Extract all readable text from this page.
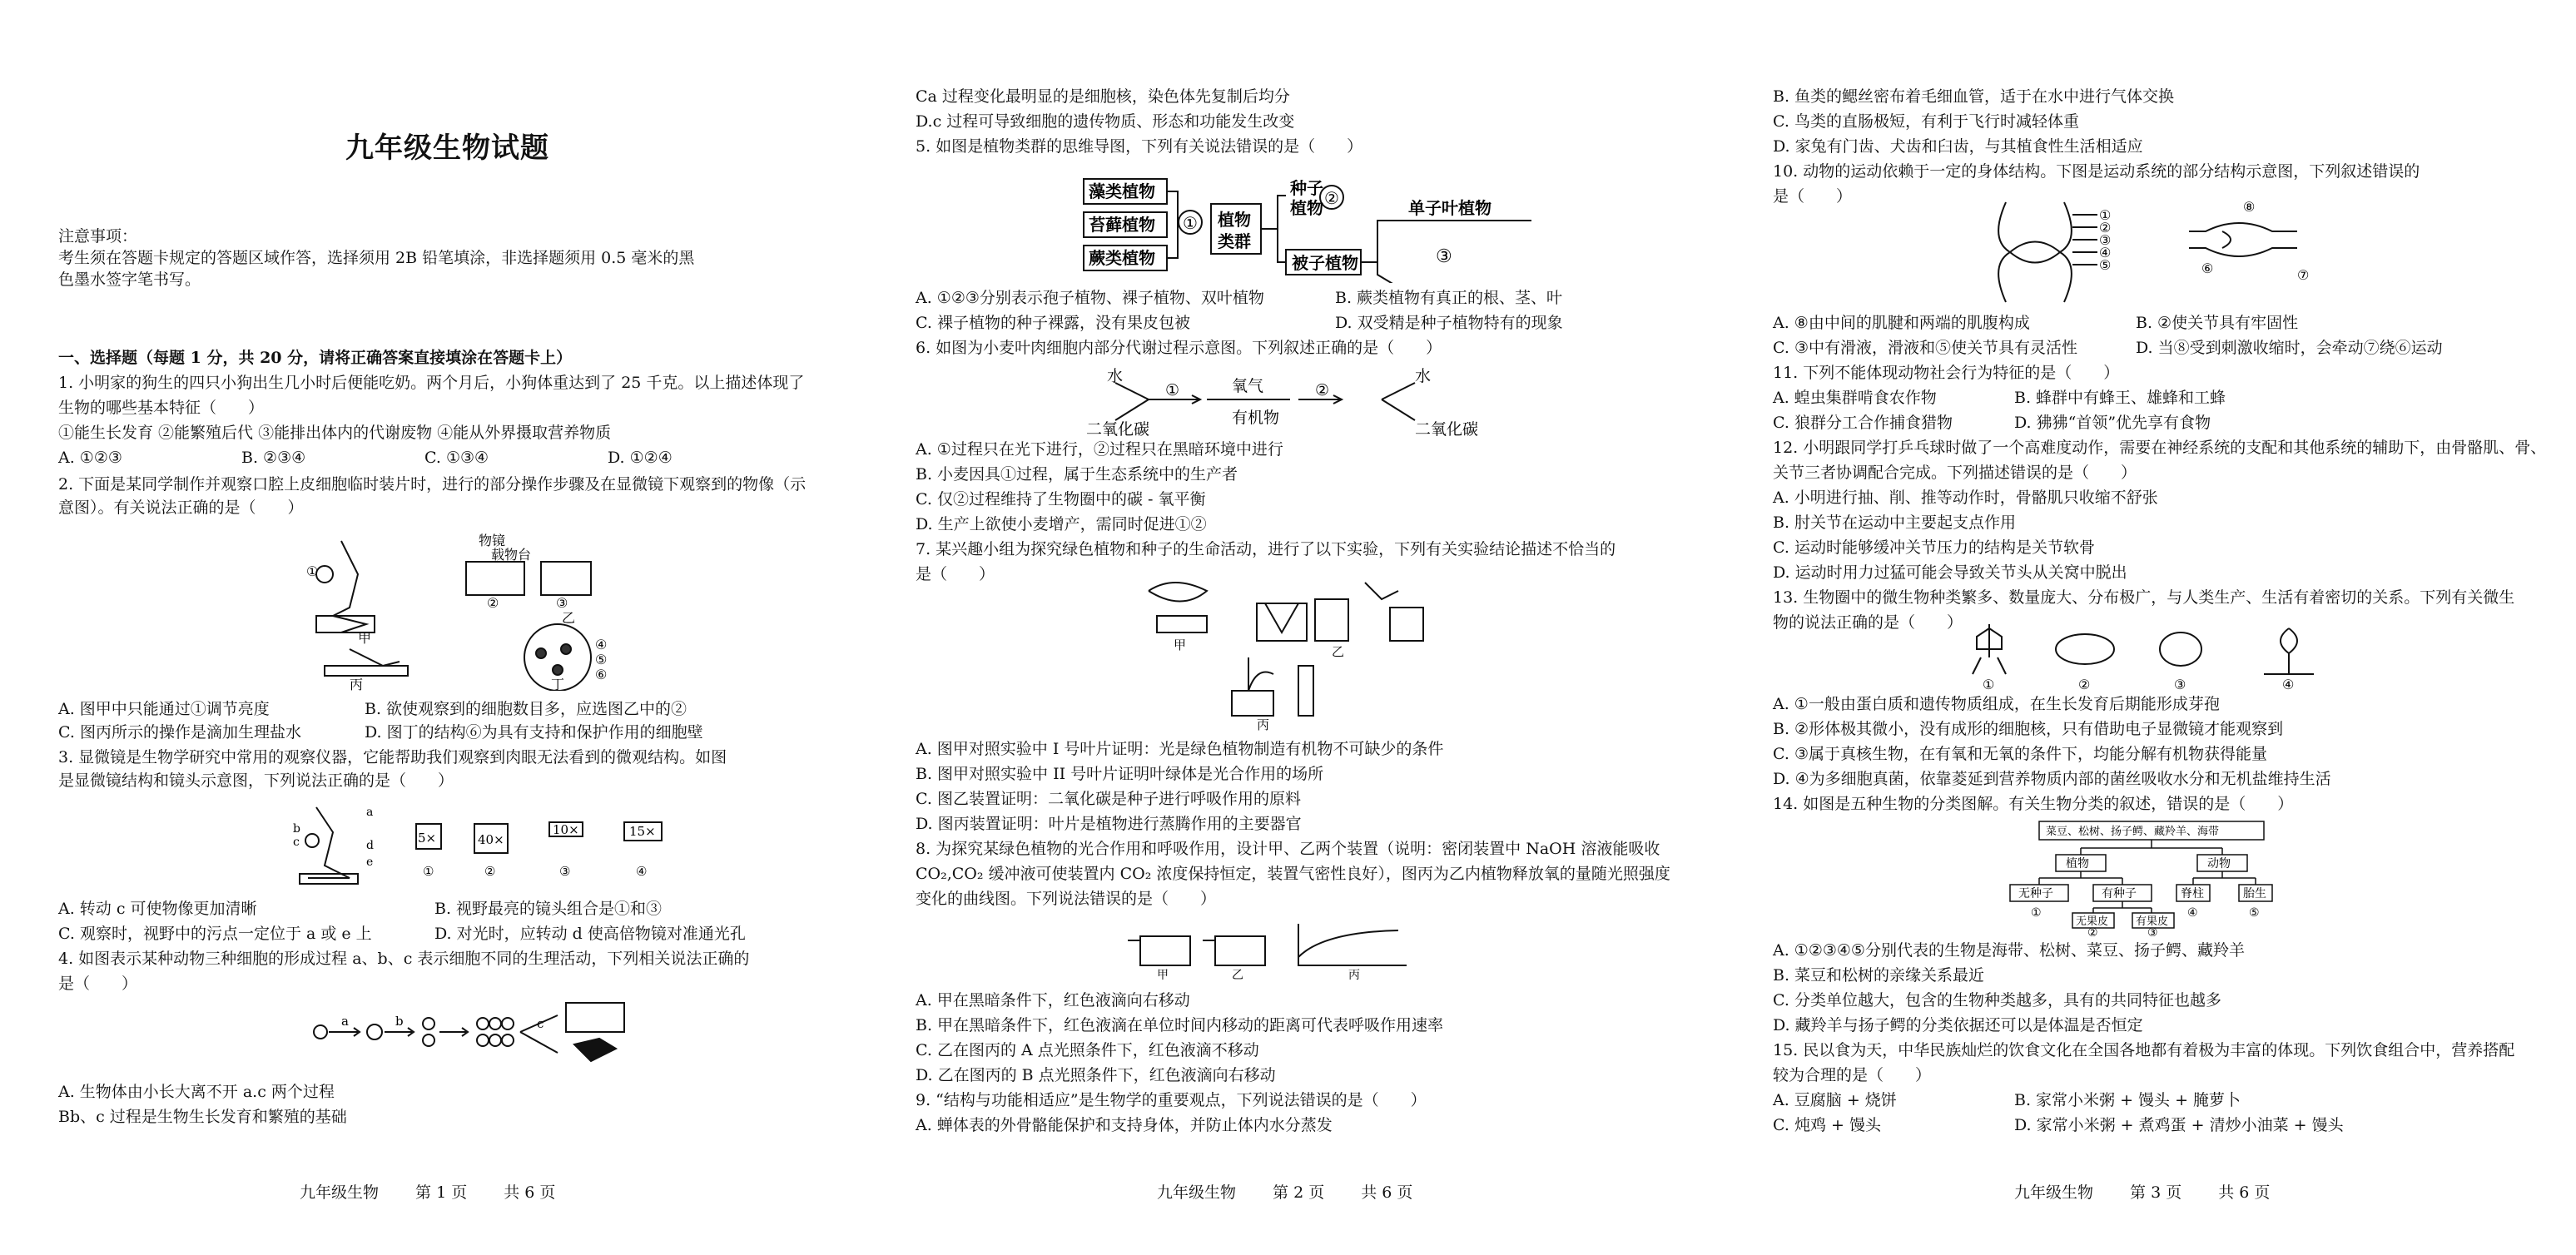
九年级生物试题
注意事项：
考生须在答题卡规定的答题区域作答，选择须用 2B 铅笔填涂，非选择题须用 0.5 毫米的黑
色墨水签字笔书写。
一、选择题（每题 1 分，共 20 分，请将正确答案直接填涂在答题卡上）
1. 小明家的狗生的四只小狗出生几小时后便能吃奶。两个月后，小狗体重达到了 25 千克。以上描述体现了
生物的哪些基本特征（　　）
①能生长发育 ②能繁殖后代 ③能排出体内的代谢废物 ④能从外界摄取营养物质
A. ①②③	B. ②③④	C. ①③④	D. ①②④
2. 下面是某同学制作并观察口腔上皮细胞临时装片时，进行的部分操作步骤及在显微镜下观察到的物像（示
意图）。有关说法正确的是（　　）
①
物镜
载物台
②	③
甲
乙
④
⑤
⑥
丙	丁
A. 图甲中只能通过①调节亮度	B. 欲使观察到的细胞数目多，应选图乙中的②
C. 图丙所示的操作是滴加生理盐水	D. 图丁的结构⑥为具有支持和保护作用的细胞壁
3. 显微镜是生物学研究中常用的观察仪器，它能帮助我们观察到肉眼无法看到的微观结构。如图
是显微镜结构和镜头示意图，下列说法正确的是（　　）
a
b
c	d
e
5×	40×
10×	15×
①	②	③	④
A. 转动 c 可使物像更加清晰	B. 视野最亮的镜头组合是①和③
C. 观察时，视野中的污点一定位于 a 或 e 上	D. 对光时，应转动 d 使高倍物镜对准通光孔
4. 如图表示某种动物三种细胞的形成过程 a、b、c 表示细胞不同的生理活动，下列相关说法正确的
是（　　）
a	b	c
A. 生物体由小长大离不开 a.c 两个过程
Bb、c 过程是生物生长发育和繁殖的基础
九年级生物　　 第 1 页　　 共 6 页
Ca 过程变化最明显的是细胞核，染色体先复制后均分
D.c 过程可导致细胞的遗传物质、形态和功能发生改变
5. 如图是植物类群的思维导图，下列有关说法错误的是（　　）
藻类植物
苔藓植物
蕨类植物
① 植物
类群
种子
植物 ②
被子植物
单子叶植物
③
A. ①②③分别表示孢子植物、裸子植物、双叶植物	B. 蕨类植物有真正的根、茎、叶
C. 裸子植物的种子裸露，没有果皮包被	D. 双受精是种子植物特有的现象
6. 如图为小麦叶肉细胞内部分代谢过程示意图。下列叙述正确的是（　　）
水
二氧化碳
①	氧气
有机物
②
水
二氧化碳
A. ①过程只在光下进行，②过程只在黑暗环境中进行
B. 小麦因具①过程，属于生态系统中的生产者
C. 仅②过程维持了生物圈中的碳 - 氧平衡
D. 生产上欲使小麦增产，需同时促进①②
7. 某兴趣小组为探究绿色植物和种子的生命活动，进行了以下实验，下列有关实验结论描述不恰当的
是（　　）
甲	乙
丙
A. 图甲对照实验中 I 号叶片证明：光是绿色植物制造有机物不可缺少的条件
B. 图甲对照实验中 II 号叶片证明叶绿体是光合作用的场所
C. 图乙装置证明：二氧化碳是种子进行呼吸作用的原料
D. 图丙装置证明：叶片是植物进行蒸腾作用的主要器官
8. 为探究某绿色植物的光合作用和呼吸作用，设计甲、乙两个装置（说明：密闭装置中 NaOH 溶液能吸收
CO₂,CO₂ 缓冲液可使装置内 CO₂ 浓度保持恒定，装置气密性良好），图丙为乙内植物释放氧的量随光照强度
变化的曲线图。下列说法错误的是（　　）
甲	乙	丙
A. 甲在黑暗条件下，红色液滴向右移动
B. 甲在黑暗条件下，红色液滴在单位时间内移动的距离可代表呼吸作用速率
C. 乙在图丙的 A 点光照条件下，红色液滴不移动
D. 乙在图丙的 B 点光照条件下，红色液滴向右移动
9. “结构与功能相适应”是生物学的重要观点，下列说法错误的是（　　）
A. 蝉体表的外骨骼能保护和支持身体，并防止体内水分蒸发
九年级生物　　 第 2 页　　 共 6 页
B. 鱼类的鳃丝密布着毛细血管，适于在水中进行气体交换
C. 鸟类的直肠极短，有利于飞行时减轻体重
D. 家兔有门齿、犬齿和臼齿，与其植食性生活相适应
10. 动物的运动依赖于一定的身体结构。下图是运动系统的部分结构示意图，下列叙述错误的
是（　　）
①
②
③
④
⑤	⑥	⑦
⑧
A. ⑧由中间的肌腱和两端的肌腹构成	B. ②使关节具有牢固性
C. ③中有滑液，滑液和⑤使关节具有灵活性	D. 当⑧受到刺激收缩时，会牵动⑦绕⑥运动
11. 下列不能体现动物社会行为特征的是（　　）
A. 蝗虫集群啃食农作物	B. 蜂群中有蜂王、雄蜂和工蜂
C. 狼群分工合作捕食猎物	D. 狒狒“首领”优先享有食物
12. 小明跟同学打乒乓球时做了一个高难度动作，需要在神经系统的支配和其他系统的辅助下，由骨骼肌、骨、
关节三者协调配合完成。下列描述错误的是（　　）
A. 小明进行抽、削、推等动作时，骨骼肌只收缩不舒张
B. 肘关节在运动中主要起支点作用
C. 运动时能够缓冲关节压力的结构是关节软骨
D. 运动时用力过猛可能会导致关节头从关窝中脱出
13. 生物圈中的微生物种类繁多、数量庞大、分布极广，与人类生产、生活有着密切的关系。下列有关微生
物的说法正确的是（　　）
①	②	③	④
A. ①一般由蛋白质和遗传物质组成，在生长发育后期能形成芽孢
B. ②形体极其微小，没有成形的细胞核，只有借助电子显微镜才能观察到
C. ③属于真核生物，在有氧和无氧的条件下，均能分解有机物获得能量
D. ④为多细胞真菌，依靠菱延到营养物质内部的菌丝吸收水分和无机盐维持生活
14. 如图是五种生物的分类图解。有关生物分类的叙述，错误的是（　　）
菜豆、松树、扬子鳄、藏羚羊、海带
植物	动物
无种子	有种子	脊柱	胎生
无果皮	有果皮
①
②	③
④	⑤
A. ①②③④⑤分别代表的生物是海带、松树、菜豆、扬子鳄、藏羚羊
B. 菜豆和松树的亲缘关系最近
C. 分类单位越大，包含的生物种类越多，具有的共同特征也越多
D. 藏羚羊与扬子鳄的分类依据还可以是体温是否恒定
15. 民以食为天，中华民族灿烂的饮食文化在全国各地都有着极为丰富的体现。下列饮食组合中，营养搭配
较为合理的是（　　）
A. 豆腐脑 + 烧饼	B. 家常小米粥 + 馒头 + 腌萝卜
C. 炖鸡 + 馒头	D. 家常小米粥 + 煮鸡蛋 + 清炒小油菜 + 馒头
九年级生物　　 第 3 页　　 共 6 页
